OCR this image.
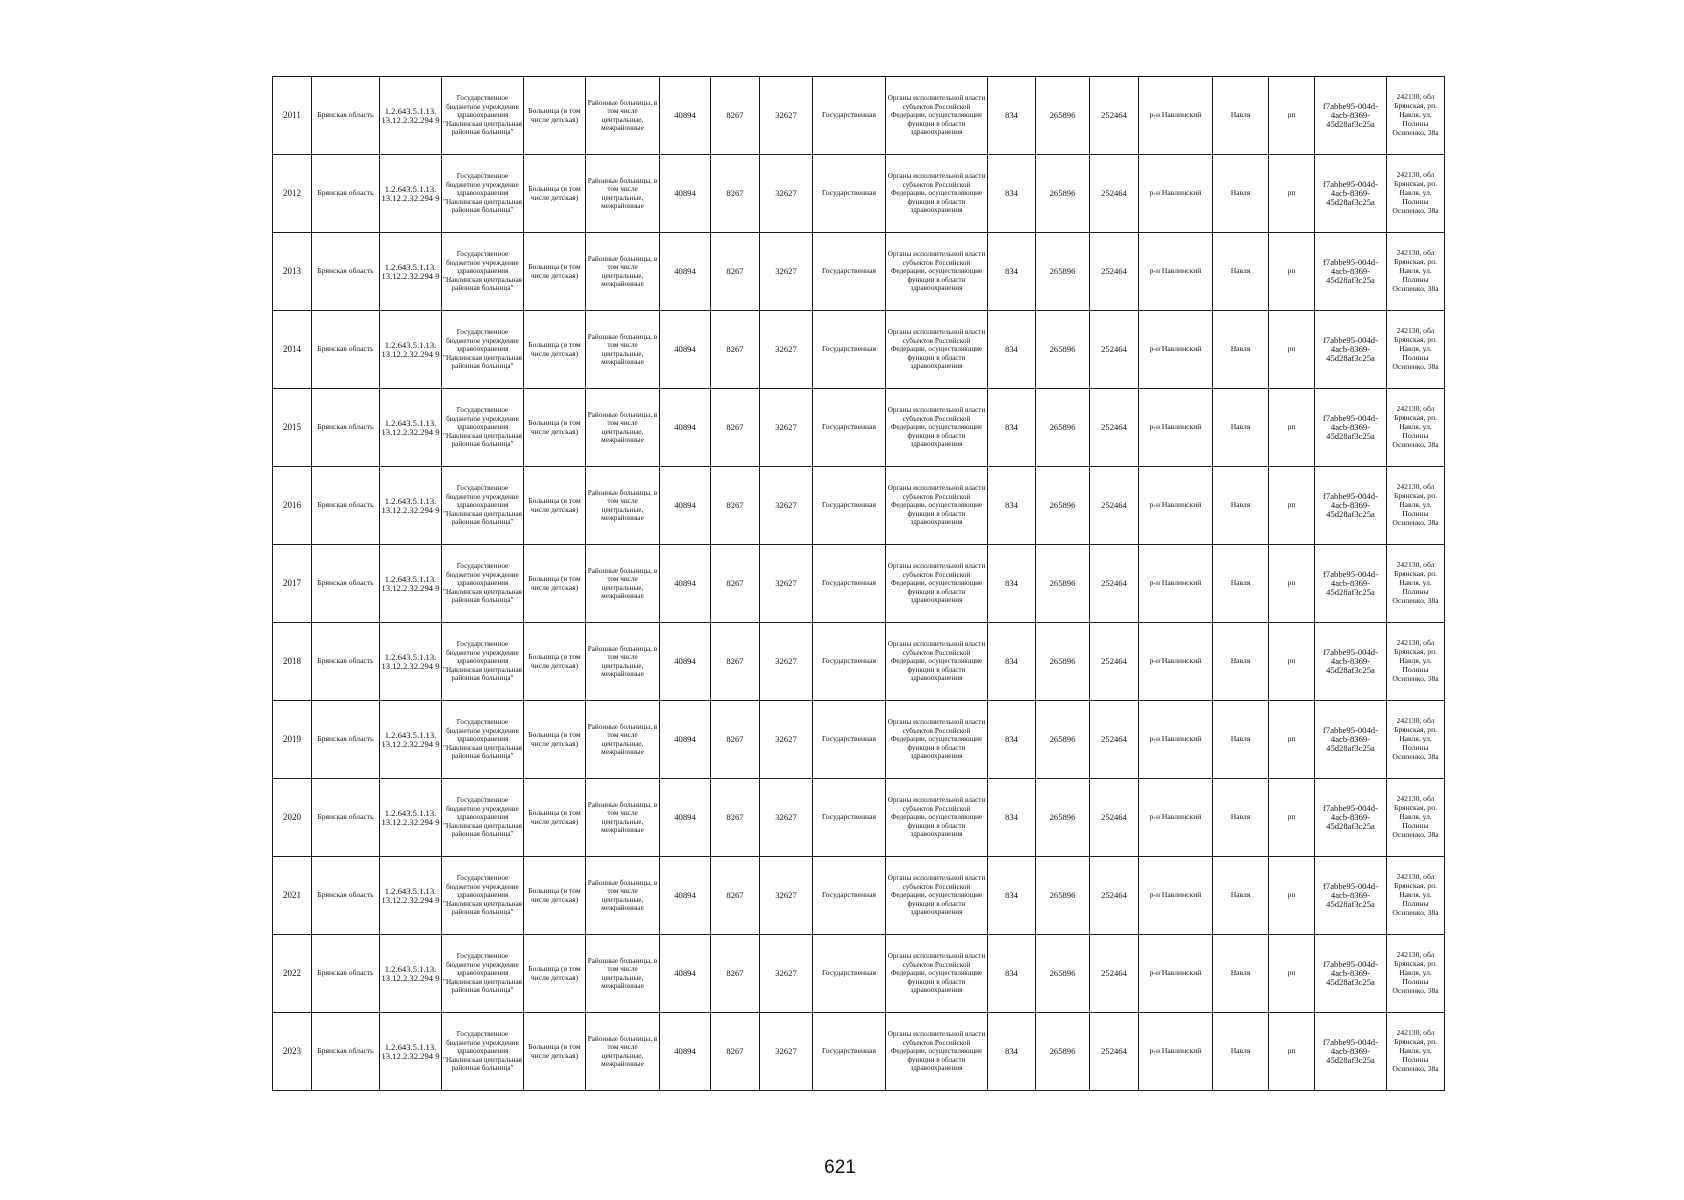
2011	Брянская область	1.2.643.5.1.13. 13.12.2.32.294 9	Государственное бюджетное учреждение здравоохранения "Навлинская центральная районная больница"	Больница (в том числе детская)	Районные больницы, в том числе центральные, межрайонные	40894	8267	32627	Государственная	Органы исполнительной власти субъектов Российской Федерации, осуществляющие функции в области здравоохранения	834	265896	252464	р-н Навлинский	Навля	рп	f7abbe95-004d-4acb-8369-45d28af3c25a	242130, обл Брянская, рп. Навля, ул. Полины Осипенко, 38а
2012	Брянская область	1.2.643.5.1.13. 13.12.2.32.294 9	Государственное бюджетное учреждение здравоохранения "Навлинская центральная районная больница"	Больница (в том числе детская)	Районные больницы, в том числе центральные, межрайонные	40894	8267	32627	Государственная	Органы исполнительной власти субъектов Российской Федерации, осуществляющие функции в области здравоохранения	834	265896	252464	р-н Навлинский	Навля	рп	f7abbe95-004d-4acb-8369-45d28af3c25a	242130, обл Брянская, рп. Навля, ул. Полины Осипенко, 38а
2013	Брянская область	1.2.643.5.1.13. 13.12.2.32.294 9	Государственное бюджетное учреждение здравоохранения "Навлинская центральная районная больница"	Больница (в том числе детская)	Районные больницы, в том числе центральные, межрайонные	40894	8267	32627	Государственная	Органы исполнительной власти субъектов Российской Федерации, осуществляющие функции в области здравоохранения	834	265896	252464	р-н Навлинский	Навля	рп	f7abbe95-004d-4acb-8369-45d28af3c25a	242130, обл Брянская, рп. Навля, ул. Полины Осипенко, 38а
2014	Брянская область	1.2.643.5.1.13. 13.12.2.32.294 9	Государственное бюджетное учреждение здравоохранения "Навлинская центральная районная больница"	Больница (в том числе детская)	Районные больницы, в том числе центральные, межрайонные	40894	8267	32627	Государственная	Органы исполнительной власти субъектов Российской Федерации, осуществляющие функции в области здравоохранения	834	265896	252464	р-н Навлинский	Навля	рп	f7abbe95-004d-4acb-8369-45d28af3c25a	242130, обл Брянская, рп. Навля, ул. Полины Осипенко, 38а
2015	Брянская область	1.2.643.5.1.13. 13.12.2.32.294 9	Государственное бюджетное учреждение здравоохранения "Навлинская центральная районная больница"	Больница (в том числе детская)	Районные больницы, в том числе центральные, межрайонные	40894	8267	32627	Государственная	Органы исполнительной власти субъектов Российской Федерации, осуществляющие функции в области здравоохранения	834	265896	252464	р-н Навлинский	Навля	рп	f7abbe95-004d-4acb-8369-45d28af3c25a	242130, обл Брянская, рп. Навля, ул. Полины Осипенко, 38а
2016	Брянская область	1.2.643.5.1.13. 13.12.2.32.294 9	Государственное бюджетное учреждение здравоохранения "Навлинская центральная районная больница"	Больница (в том числе детская)	Районные больницы, в том числе центральные, межрайонные	40894	8267	32627	Государственная	Органы исполнительной власти субъектов Российской Федерации, осуществляющие функции в области здравоохранения	834	265896	252464	р-н Навлинский	Навля	рп	f7abbe95-004d-4acb-8369-45d28af3c25a	242130, обл Брянская, рп. Навля, ул. Полины Осипенко, 38а
2017	Брянская область	1.2.643.5.1.13. 13.12.2.32.294 9	Государственное бюджетное учреждение здравоохранения "Навлинская центральная районная больница"	Больница (в том числе детская)	Районные больницы, в том числе центральные, межрайонные	40894	8267	32627	Государственная	Органы исполнительной власти субъектов Российской Федерации, осуществляющие функции в области здравоохранения	834	265896	252464	р-н Навлинский	Навля	рп	f7abbe95-004d-4acb-8369-45d28af3c25a	242130, обл Брянская, рп. Навля, ул. Полины Осипенко, 38а
2018	Брянская область	1.2.643.5.1.13. 13.12.2.32.294 9	Государственное бюджетное учреждение здравоохранения "Навлинская центральная районная больница"	Больница (в том числе детская)	Районные больницы, в том числе центральные, межрайонные	40894	8267	32627	Государственная	Органы исполнительной власти субъектов Российской Федерации, осуществляющие функции в области здравоохранения	834	265896	252464	р-н Навлинский	Навля	рп	f7abbe95-004d-4acb-8369-45d28af3c25a	242130, обл Брянская, рп. Навля, ул. Полины Осипенко, 38а
2019	Брянская область	1.2.643.5.1.13. 13.12.2.32.294 9	Государственное бюджетное учреждение здравоохранения "Навлинская центральная районная больница"	Больница (в том числе детская)	Районные больницы, в том числе центральные, межрайонные	40894	8267	32627	Государственная	Органы исполнительной власти субъектов Российской Федерации, осуществляющие функции в области здравоохранения	834	265896	252464	р-н Навлинский	Навля	рп	f7abbe95-004d-4acb-8369-45d28af3c25a	242130, обл Брянская, рп. Навля, ул. Полины Осипенко, 38а
2020	Брянская область	1.2.643.5.1.13. 13.12.2.32.294 9	Государственное бюджетное учреждение здравоохранения "Навлинская центральная районная больница"	Больница (в том числе детская)	Районные больницы, в том числе центральные, межрайонные	40894	8267	32627	Государственная	Органы исполнительной власти субъектов Российской Федерации, осуществляющие функции в области здравоохранения	834	265896	252464	р-н Навлинский	Навля	рп	f7abbe95-004d-4acb-8369-45d28af3c25a	242130, обл Брянская, рп. Навля, ул. Полины Осипенко, 38а
2021	Брянская область	1.2.643.5.1.13. 13.12.2.32.294 9	Государственное бюджетное учреждение здравоохранения "Навлинская центральная районная больница"	Больница (в том числе детская)	Районные больницы, в том числе центральные, межрайонные	40894	8267	32627	Государственная	Органы исполнительной власти субъектов Российской Федерации, осуществляющие функции в области здравоохранения	834	265896	252464	р-н Навлинский	Навля	рп	f7abbe95-004d-4acb-8369-45d28af3c25a	242130, обл Брянская, рп. Навля, ул. Полины Осипенко, 38а
2022	Брянская область	1.2.643.5.1.13. 13.12.2.32.294 9	Государственное бюджетное учреждение здравоохранения "Навлинская центральная районная больница"	Больница (в том числе детская)	Районные больницы, в том числе центральные, межрайонные	40894	8267	32627	Государственная	Органы исполнительной власти субъектов Российской Федерации, осуществляющие функции в области здравоохранения	834	265896	252464	р-н Навлинский	Навля	рп	f7abbe95-004d-4acb-8369-45d28af3c25a	242130, обл Брянская, рп. Навля, ул. Полины Осипенко, 38а
2023	Брянская область	1.2.643.5.1.13. 13.12.2.32.294 9	Государственное бюджетное учреждение здравоохранения "Навлинская центральная районная больница"	Больница (в том числе детская)	Районные больницы, в том числе центральные, межрайонные	40894	8267	32627	Государственная	Органы исполнительной власти субъектов Российской Федерации, осуществляющие функции в области здравоохранения	834	265896	252464	р-н Навлинский	Навля	рп	f7abbe95-004d-4acb-8369-45d28af3c25a	242130, обл Брянская, рп. Навля, ул. Полины Осипенко, 38а
621
